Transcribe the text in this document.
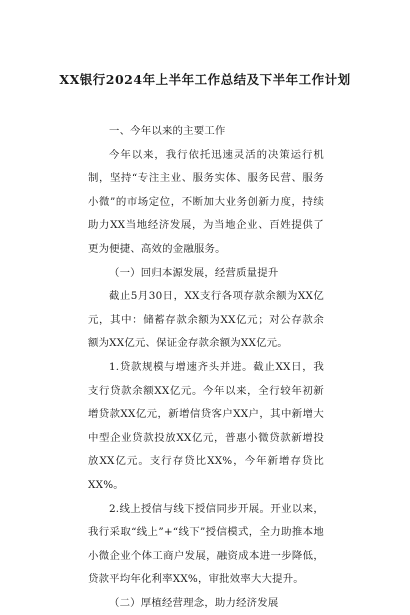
XX银行2024年上半年工作总结及下半年工作计划

一、今年以来的主要工作

今年以来，我行依托迅速灵活的决策运行机制，坚持“专注主业、服务实体、服务民营、服务小微”的市场定位，不断加大业务创新力度，持续助力XX当地经济发展，为当地企业、百姓提供了更为便捷、高效的金融服务。

（一）回归本源发展，经营质量提升

截止5月30日，XX支行各项存款余额为XX亿元，其中：储蓄存款余额为XX亿元；对公存款余额为XX亿元、保证金存款余额为XX亿元。

1.贷款规模与增速齐头并进。截止XX日，我支行贷款余额XX亿元。今年以来，全行较年初新增贷款XX亿元，新增信贷客户XX户，其中新增大中型企业贷款投放XX亿元，普惠小微贷款新增投放XX亿元。支行存贷比XX%，今年新增存贷比XX%。

2.线上授信与线下授信同步开展。开业以来，我行采取“线上”+“线下”授信模式，全力助推本地小微企业个体工商户发展，融资成本进一步降低，贷款平均年化利率XX%，审批效率大大提升。

（二）厚植经营理念，助力经济发展
